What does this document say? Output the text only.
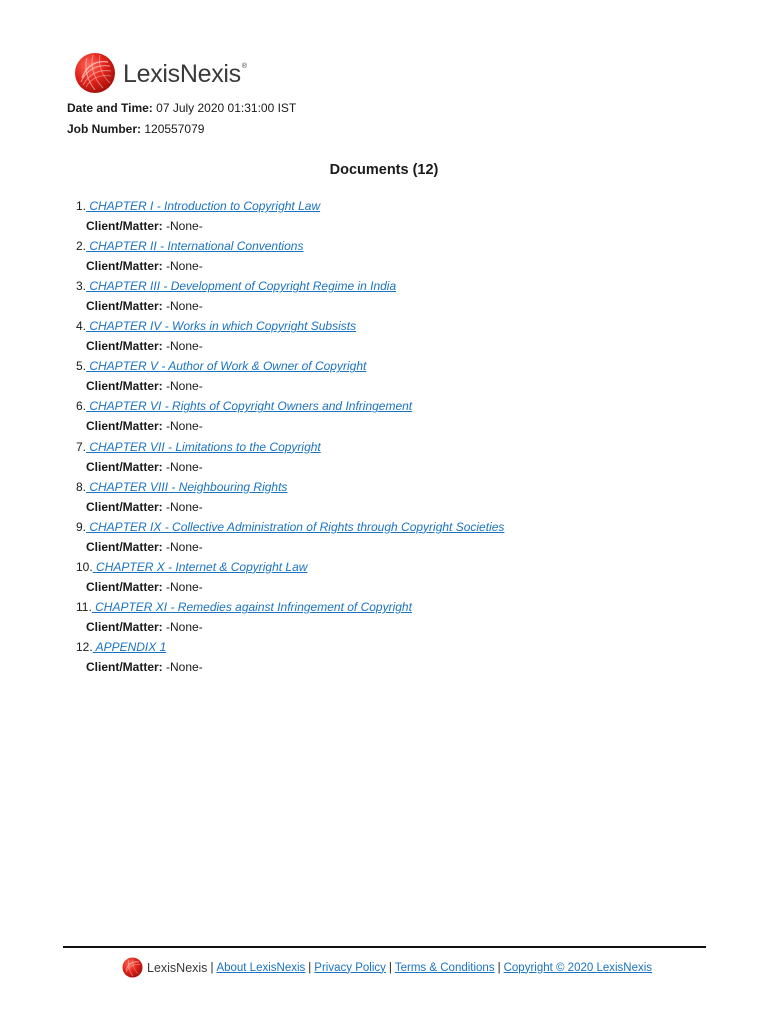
LexisNexis®
Date and Time: 07 July 2020 01:31:00 IST
Job Number: 120557079
Documents (12)
1. CHAPTER I - Introduction to Copyright Law
Client/Matter: -None-
2. CHAPTER II - International Conventions
Client/Matter: -None-
3. CHAPTER III - Development of Copyright Regime in India
Client/Matter: -None-
4. CHAPTER IV - Works in which Copyright Subsists
Client/Matter: -None-
5. CHAPTER V - Author of Work & Owner of Copyright
Client/Matter: -None-
6. CHAPTER VI - Rights of Copyright Owners and Infringement
Client/Matter: -None-
7. CHAPTER VII - Limitations to the Copyright
Client/Matter: -None-
8. CHAPTER VIII - Neighbouring Rights
Client/Matter: -None-
9. CHAPTER IX - Collective Administration of Rights through Copyright Societies
Client/Matter: -None-
10. CHAPTER X - Internet & Copyright Law
Client/Matter: -None-
11. CHAPTER XI - Remedies against Infringement of Copyright
Client/Matter: -None-
12. APPENDIX 1
Client/Matter: -None-
LexisNexis | About LexisNexis | Privacy Policy | Terms & Conditions | Copyright © 2020 LexisNexis
